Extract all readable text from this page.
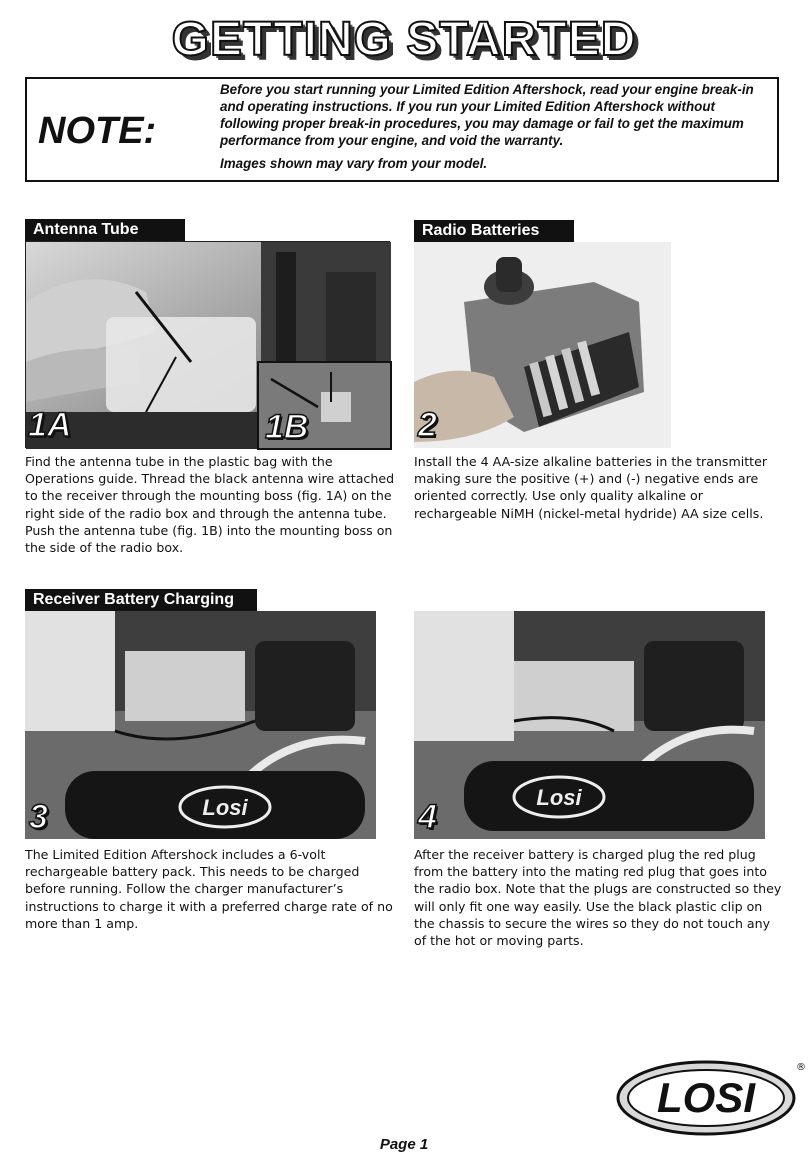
GETTING STARTED
NOTE:

Before you start running your Limited Edition Aftershock, read your engine break-in and operating instructions. If you run your Limited Edition Aftershock without following proper break-in procedures, you may damage or fail to get the maximum performance from your engine, and void the warranty.

Images shown may vary from your model.

Antenna Tube
1A	1B
Find the antenna tube in the plastic bag with the Operations guide. Thread the black antenna wire attached to the receiver through the mounting boss (fig. 1A) on the right side of the radio box and through the antenna tube. Push the antenna tube (fig. 1B) into the mounting boss on the side of the radio box.
Radio Batteries
2
Install the 4 AA-size alkaline batteries in the transmitter making sure the positive (+) and (-) negative ends are oriented correctly. Use only quality alkaline or rechargeable NiMH (nickel-metal hydride) AA size cells.
Receiver Battery Charging
Losi
3
The Limited Edition Aftershock includes a 6-volt rechargeable battery pack. This needs to be charged before running. Follow the charger manufacturer’s instructions to charge it with a preferred charge rate of no more than 1 amp.
Losi
4
After the receiver battery is charged plug the red plug from the battery into the mating red plug that goes into the radio box. Note that the plugs are constructed so they will only fit one way easily. Use the black plastic clip on the chassis to secure the wires so they do not touch any of the hot or moving parts.
LOSI
®
Page 1
